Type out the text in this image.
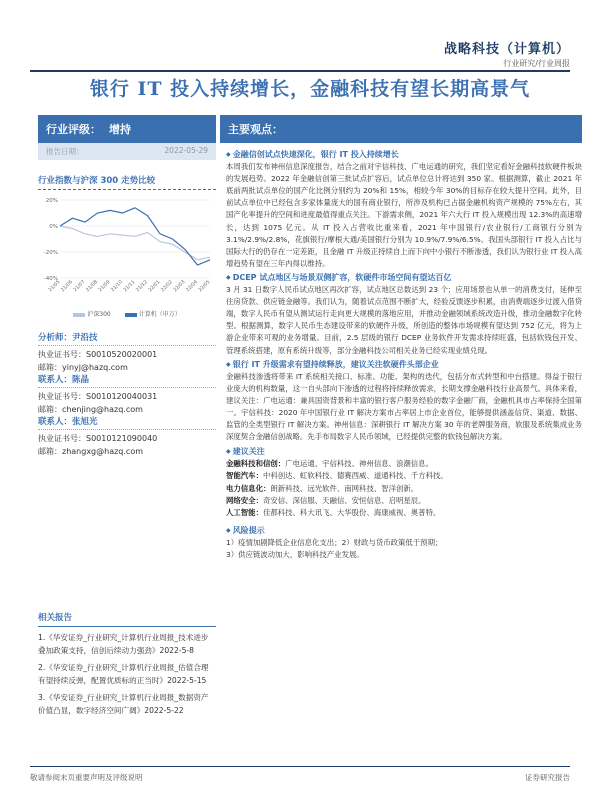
战略科技（计算机）
行业研究/行业周报
银行 IT 投入持续增长，金融科技有望长期高景气
行业评级： 增持
报告日期：	2022-05-29
行业指数与沪深 300 走势比较
-40%
-20%
0%
20%
21/05 21/06 21/07 21/08 21/09 21/10 21/11 21/12 22/01 22/02 22/03 22/04 22/05
沪深300	计算机（申万）
分析师：尹沿技
执业证书号：S0010520020001
邮箱：yinyj@hazq.com
联系人：陈晶
执业证书号：S0010120040031
邮箱：chenjing@hazq.com
联系人：张旭光
执业证书号：S0010121090040
邮箱：zhangxg@hazq.com
相关报告
1.《华安证券_行业研究_计算机行业周报_技术进步叠加政策支持，信创后续动力强劲》2022-5-8
2.《华安证券_行业研究_计算机行业周报_估值合理有望持续反弹，配置优质标的正当时》2022-5-15
3.《华安证券_行业研究_计算机行业周报_数据资产价值凸显，数字经济空间广阔》2022-5-22
主要观点：
◆ 金融信创试点快速深化，银行 IT 投入持续增长
本周我们发布神州信息深度报告，结合之前对宇信科技、广电运通的研究，我们坚定看好金融科技软硬件板块的发展趋势。2022 年金融信创第三批试点扩容后，试点单位总计将达到 350 家。根据测算，截止 2021 年底前两批试点单位的国产化比例分别约为 20%和 15%，相较今年 30%的目标存在较大提升空间。此外，目前试点单位中已经包含多家体量庞大的国有商业银行，所涉及机构已占据金融机构资产规模的 75%左右，其国产化率提升的空间和进度最值得重点关注。下游需求侧，2021 年六大行 IT 投入规模出现 12.3%的高速增长，达到 1075 亿元。从 IT 投入占营收比重来看，2021 年中国银行/农业银行/工商银行分别为 3.1%/2.9%/2.8%，花旗银行/摩根大通/美国银行分别为 10.9%/7.9%/6.5%。我国头部银行 IT 投入占比与国际大行的仍存在一定差距，且金融 IT 升级正持续自上而下向中小银行不断渗透，我们认为银行业 IT 投入高增趋势有望在三年内得以维持。
◆ DCEP 试点地区与场景双侧扩容，软硬件市场空间有望达百亿
3 月 31 日数字人民币试点地区再次扩容，试点地区总数达到 23 个；应用场景也从单一的消费支付，延伸至住房贷款、供应链金融等。我们认为，随着试点范围不断扩大，经验反馈逐步积累，由消费端逐步过渡入借贷端，数字人民币有望从测试运行走向更大规模的落地应用，并推动金融领域系统改造升级，推动金融数字化转型。根据测算，数字人民币生态建设带来的软硬件升级，所创造的整体市场规模有望达到 752 亿元，将为上游企业带来可观的业务增量。目前，2.5 层级的银行 DCEP 业务软件开发需求持续旺盛，包括软钱包开发、管理系统搭建，原有系统升级等，部分金融科技公司相关业务已经实现业绩兑现。
◆ 银行 IT 升级需求有望持续释放，建议关注软硬件头部企业
金融科技渗透将带来 IT 系统相关接口、标准、功能、架构的迭代，包括分布式转型和中台搭建。得益于银行业庞大的机构数量，这一自头部向下渗透的过程将持续释放需求，长期支撑金融科技行业高景气。具体来看，建议关注：广电运通：兼具国资背景和丰富的银行客户服务经验的数字金融厂商，金融机具市占率保持全国第一。宇信科技：2020 年中国银行业 IT 解决方案市占率居上市企业首位，能够提供涵盖信贷、渠道、数据、监管的全类型银行 IT 解决方案。神州信息：深耕银行 IT 解决方案 30 年的老牌服务商，软服及系统集成业务深度契合金融信创战略。先手布局数字人民币领域，已经提供完整的软钱包解决方案。
◆ 建议关注
金融科技和信创：广电运通、宇信科技、神州信息、浪潮信息。
智能汽车：中科创达、虹软科技、德赛西威、道通科技、千方科技。
电力信息化：朗新科技、远光软件、南网科技、智洋创新。
网络安全：奇安信、深信服、天融信、安恒信息、启明星辰。
人工智能：佳都科技、科大讯飞、大华股份、海康威视、奥普特。
◆ 风险提示
1）疫情加剧降低企业信息化支出；2）财政与货币政策低于预期；
3）供应链波动加大，影响科技产业发展。
敬请参阅末页重要声明及评级说明	证券研究报告
